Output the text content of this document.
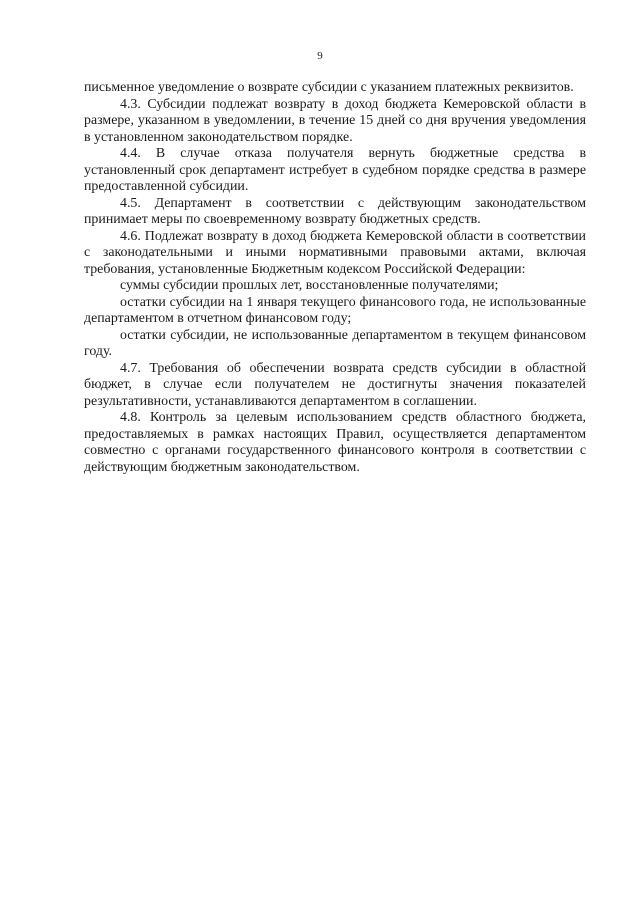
9

письменное уведомление о возврате субсидии с указанием платежных реквизитов.

4.3. Субсидии подлежат возврату в доход бюджета Кемеровской области в размере, указанном в уведомлении, в течение 15 дней со дня вручения уведомления в установленном законодательством порядке.

4.4. В случае отказа получателя вернуть бюджетные средства в установленный срок департамент истребует в судебном порядке средства в размере предоставленной субсидии.

4.5. Департамент в соответствии с действующим законодательством принимает меры по своевременному возврату бюджетных средств.

4.6. Подлежат возврату в доход бюджета Кемеровской области в соответствии с законодательными и иными нормативными правовыми актами, включая требования, установленные Бюджетным кодексом Российской Федерации:

суммы субсидии прошлых лет, восстановленные получателями;

остатки субсидии на 1 января текущего финансового года, не использованные департаментом в отчетном финансовом году;

остатки субсидии, не использованные департаментом в текущем финансовом году.

4.7. Требования об обеспечении возврата средств субсидии в областной бюджет, в случае если получателем не достигнуты значения показателей результативности, устанавливаются департаментом в соглашении.

4.8. Контроль за целевым использованием средств областного бюджета, предоставляемых в рамках настоящих Правил, осуществляется департаментом совместно с органами государственного финансового контроля в соответствии с действующим бюджетным законодательством.
